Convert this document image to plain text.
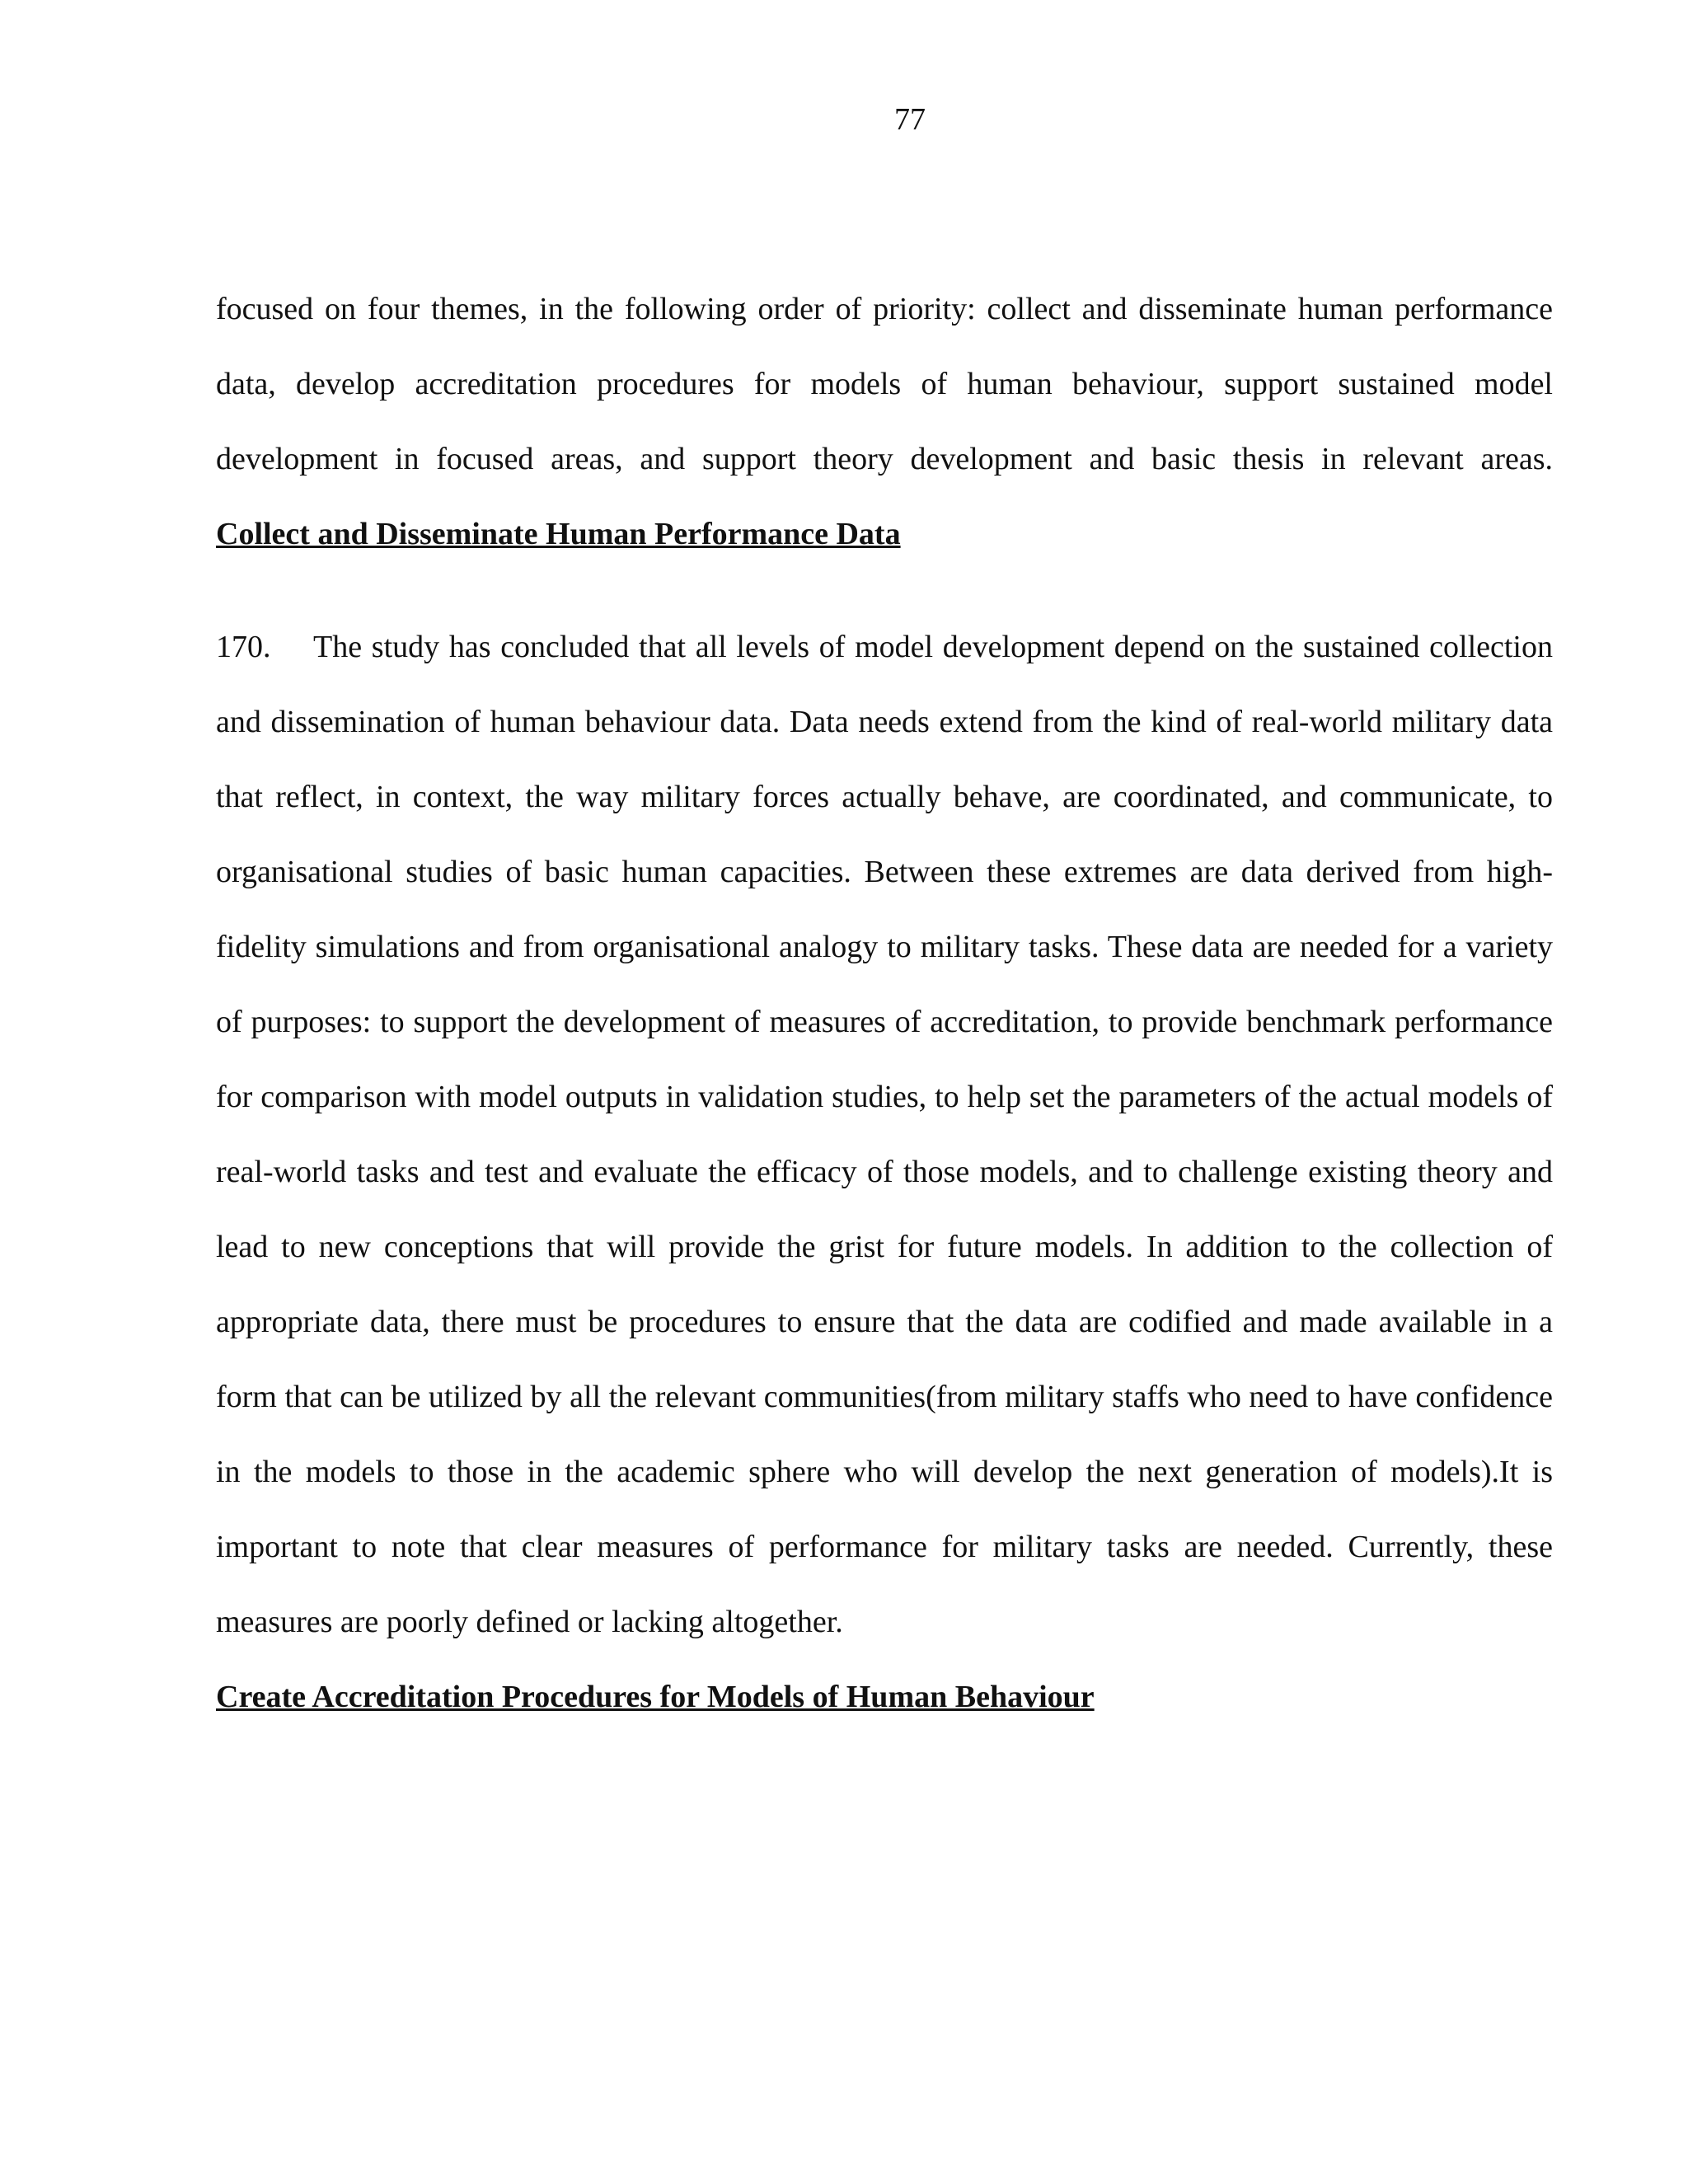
77

focused on four themes, in the following order of priority: collect and disseminate human performance data, develop accreditation procedures for models of human behaviour, support sustained model development in focused areas, and support theory development and basic thesis in relevant areas.

Collect and Disseminate Human Performance Data

170. The study has concluded that all levels of model development depend on the sustained collection and dissemination of human behaviour data. Data needs extend from the kind of real-world military data that reflect, in context, the way military forces actually behave, are coordinated, and communicate, to organisational studies of basic human capacities. Between these extremes are data derived from high-fidelity simulations and from organisational analogy to military tasks. These data are needed for a variety of purposes: to support the development of measures of accreditation, to provide benchmark performance for comparison with model outputs in validation studies, to help set the parameters of the actual models of real-world tasks and test and evaluate the efficacy of those models, and to challenge existing theory and lead to new conceptions that will provide the grist for future models. In addition to the collection of appropriate data, there must be procedures to ensure that the data are codified and made available in a form that can be utilized by all the relevant communities(from military staffs who need to have confidence in the models to those in the academic sphere who will develop the next generation of models).It is important to note that clear measures of performance for military tasks are needed. Currently, these measures are poorly defined or lacking altogether.

Create Accreditation Procedures for Models of Human Behaviour
